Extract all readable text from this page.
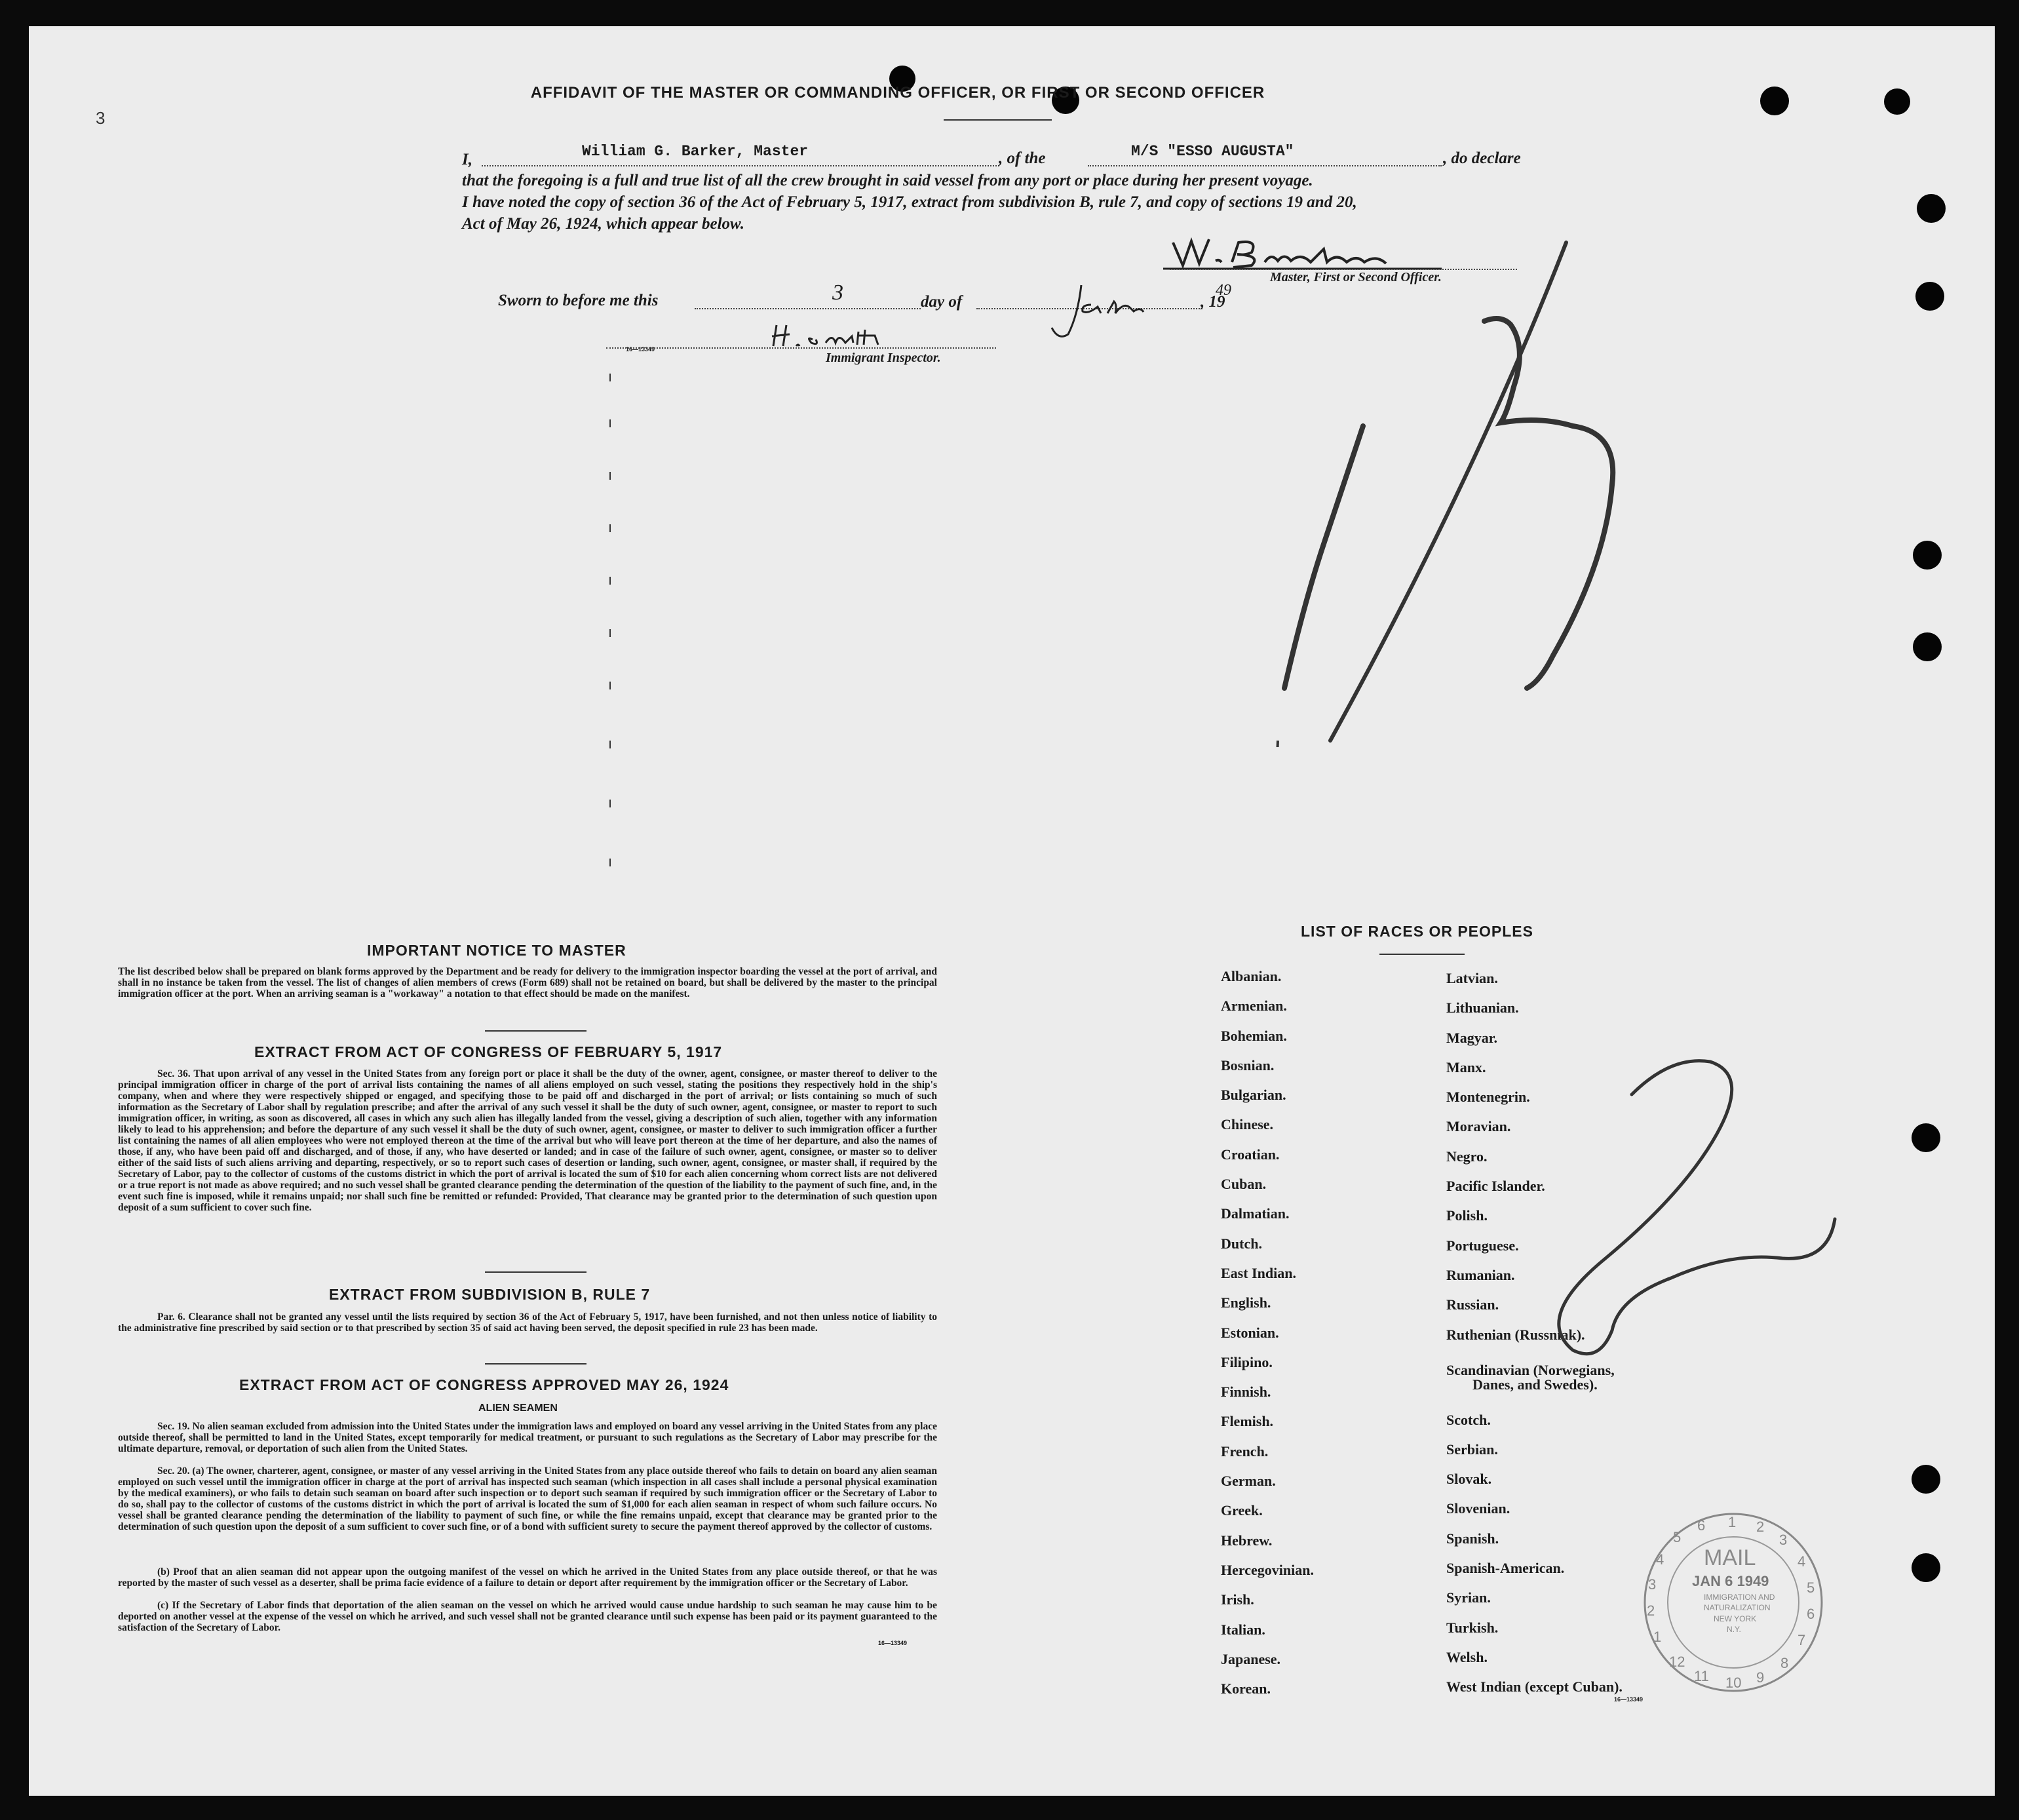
3
AFFIDAVIT OF THE MASTER OR COMMANDING OFFICER, OR FIRST OR SECOND OFFICER
I,	William G. Barker, Master	, of the	M/S "ESSO AUGUSTA"	, do declare
that the foregoing is a full and true list of all the crew brought in said vessel from any port or place during her present voyage.
I have noted the copy of section 36 of the Act of February 5, 1917, extract from subdivision B, rule 7, and copy of sections 19 and 20,
Act of May 26, 1924, which appear below.
Master, First or Second Officer.
Sworn to before me this	3	day of	, 19
49
16—13349
Immigrant Inspector.
IMPORTANT NOTICE TO MASTER
The list described below shall be prepared on blank forms approved by the Department and be ready for delivery to the immigration inspector boarding the vessel at the port of arrival, and shall in no instance be taken from the vessel. The list of changes of alien members of crews (Form 689) shall not be retained on board, but shall be delivered by the master to the principal immigration officer at the port. When an arriving seaman is a "workaway" a notation to that effect should be made on the manifest.
EXTRACT FROM ACT OF CONGRESS OF FEBRUARY 5, 1917
Sec. 36. That upon arrival of any vessel in the United States from any foreign port or place it shall be the duty of the owner, agent, consignee, or master thereof to deliver to the principal immigration officer in charge of the port of arrival lists containing the names of all aliens employed on such vessel, stating the positions they respectively hold in the ship's company, when and where they were respectively shipped or engaged, and specifying those to be paid off and discharged in the port of arrival; or lists containing so much of such information as the Secretary of Labor shall by regulation prescribe; and after the arrival of any such vessel it shall be the duty of such owner, agent, consignee, or master to report to such immigration officer, in writing, as soon as discovered, all cases in which any such alien has illegally landed from the vessel, giving a description of such alien, together with any information likely to lead to his apprehension; and before the departure of any such vessel it shall be the duty of such owner, agent, consignee, or master to deliver to such immigration officer a further list containing the names of all alien employees who were not employed thereon at the time of the arrival but who will leave port thereon at the time of her departure, and also the names of those, if any, who have been paid off and discharged, and of those, if any, who have deserted or landed; and in case of the failure of such owner, agent, consignee, or master so to deliver either of the said lists of such aliens arriving and departing, respectively, or so to report such cases of desertion or landing, such owner, agent, consignee, or master shall, if required by the Secretary of Labor, pay to the collector of customs of the customs district in which the port of arrival is located the sum of $10 for each alien concerning whom correct lists are not delivered or a true report is not made as above required; and no such vessel shall be granted clearance pending the determination of the question of the liability to the payment of such fine, and, in the event such fine is imposed, while it remains unpaid; nor shall such fine be remitted or refunded: Provided, That clearance may be granted prior to the determination of such question upon deposit of a sum sufficient to cover such fine.
EXTRACT FROM SUBDIVISION B, RULE 7
Par. 6. Clearance shall not be granted any vessel until the lists required by section 36 of the Act of February 5, 1917, have been furnished, and not then unless notice of liability to the administrative fine prescribed by said section or to that prescribed by section 35 of said act having been served, the deposit specified in rule 23 has been made.
EXTRACT FROM ACT OF CONGRESS APPROVED MAY 26, 1924
ALIEN SEAMEN
Sec. 19. No alien seaman excluded from admission into the United States under the immigration laws and employed on board any vessel arriving in the United States from any place outside thereof, shall be permitted to land in the United States, except temporarily for medical treatment, or pursuant to such regulations as the Secretary of Labor may prescribe for the ultimate departure, removal, or deportation of such alien from the United States.
Sec. 20. (a) The owner, charterer, agent, consignee, or master of any vessel arriving in the United States from any place outside thereof who fails to detain on board any alien seaman employed on such vessel until the immigration officer in charge at the port of arrival has inspected such seaman (which inspection in all cases shall include a personal physical examination by the medical examiners), or who fails to detain such seaman on board after such inspection or to deport such seaman if required by such immigration officer or the Secretary of Labor to do so, shall pay to the collector of customs of the customs district in which the port of arrival is located the sum of $1,000 for each alien seaman in respect of whom such failure occurs. No vessel shall be granted clearance pending the determination of the liability to payment of such fine, or while the fine remains unpaid, except that clearance may be granted prior to the determination of such question upon the deposit of a sum sufficient to cover such fine, or of a bond with sufficient surety to secure the payment thereof approved by the collector of customs.
(b) Proof that an alien seaman did not appear upon the outgoing manifest of the vessel on which he arrived in the United States from any place outside thereof, or that he was reported by the master of such vessel as a deserter, shall be prima facie evidence of a failure to detain or deport after requirement by the immigration officer or the Secretary of Labor.
(c) If the Secretary of Labor finds that deportation of the alien seaman on the vessel on which he arrived would cause undue hardship to such seaman he may cause him to be deported on another vessel at the expense of the vessel on which he arrived, and such vessel shall not be granted clearance until such expense has been paid or its payment guaranteed to the satisfaction of the Secretary of Labor.
16—13349
LIST OF RACES OR PEOPLES
Albanian.
Armenian.
Bohemian.
Bosnian.
Bulgarian.
Chinese.
Croatian.
Cuban.
Dalmatian.
Dutch.
East Indian.
English.
Estonian.
Filipino.
Finnish.
Flemish.
French.
German.
Greek.
Hebrew.
Hercegovinian.
Irish.
Italian.
Japanese.
Korean.
Latvian.
Lithuanian.
Magyar.
Manx.
Montenegrin.
Moravian.
Negro.
Pacific Islander.
Polish.
Portuguese.
Rumanian.
Russian.
Ruthenian (Russniak).
Scandinavian (Norwegians,
Danes, and Swedes).
Scotch.
Serbian.
Slovak.
Slovenian.
Spanish.
Spanish-American.
Syrian.
Turkish.
Welsh.
West Indian (except Cuban).
16—13349
1 2
3
4
5
6
7
8
9
10
11
12
1
2
3
4
5
6
MAIL
JAN 6 1949
IMMIGRATION AND
NATURALIZATION
NEW YORK
N.Y.
